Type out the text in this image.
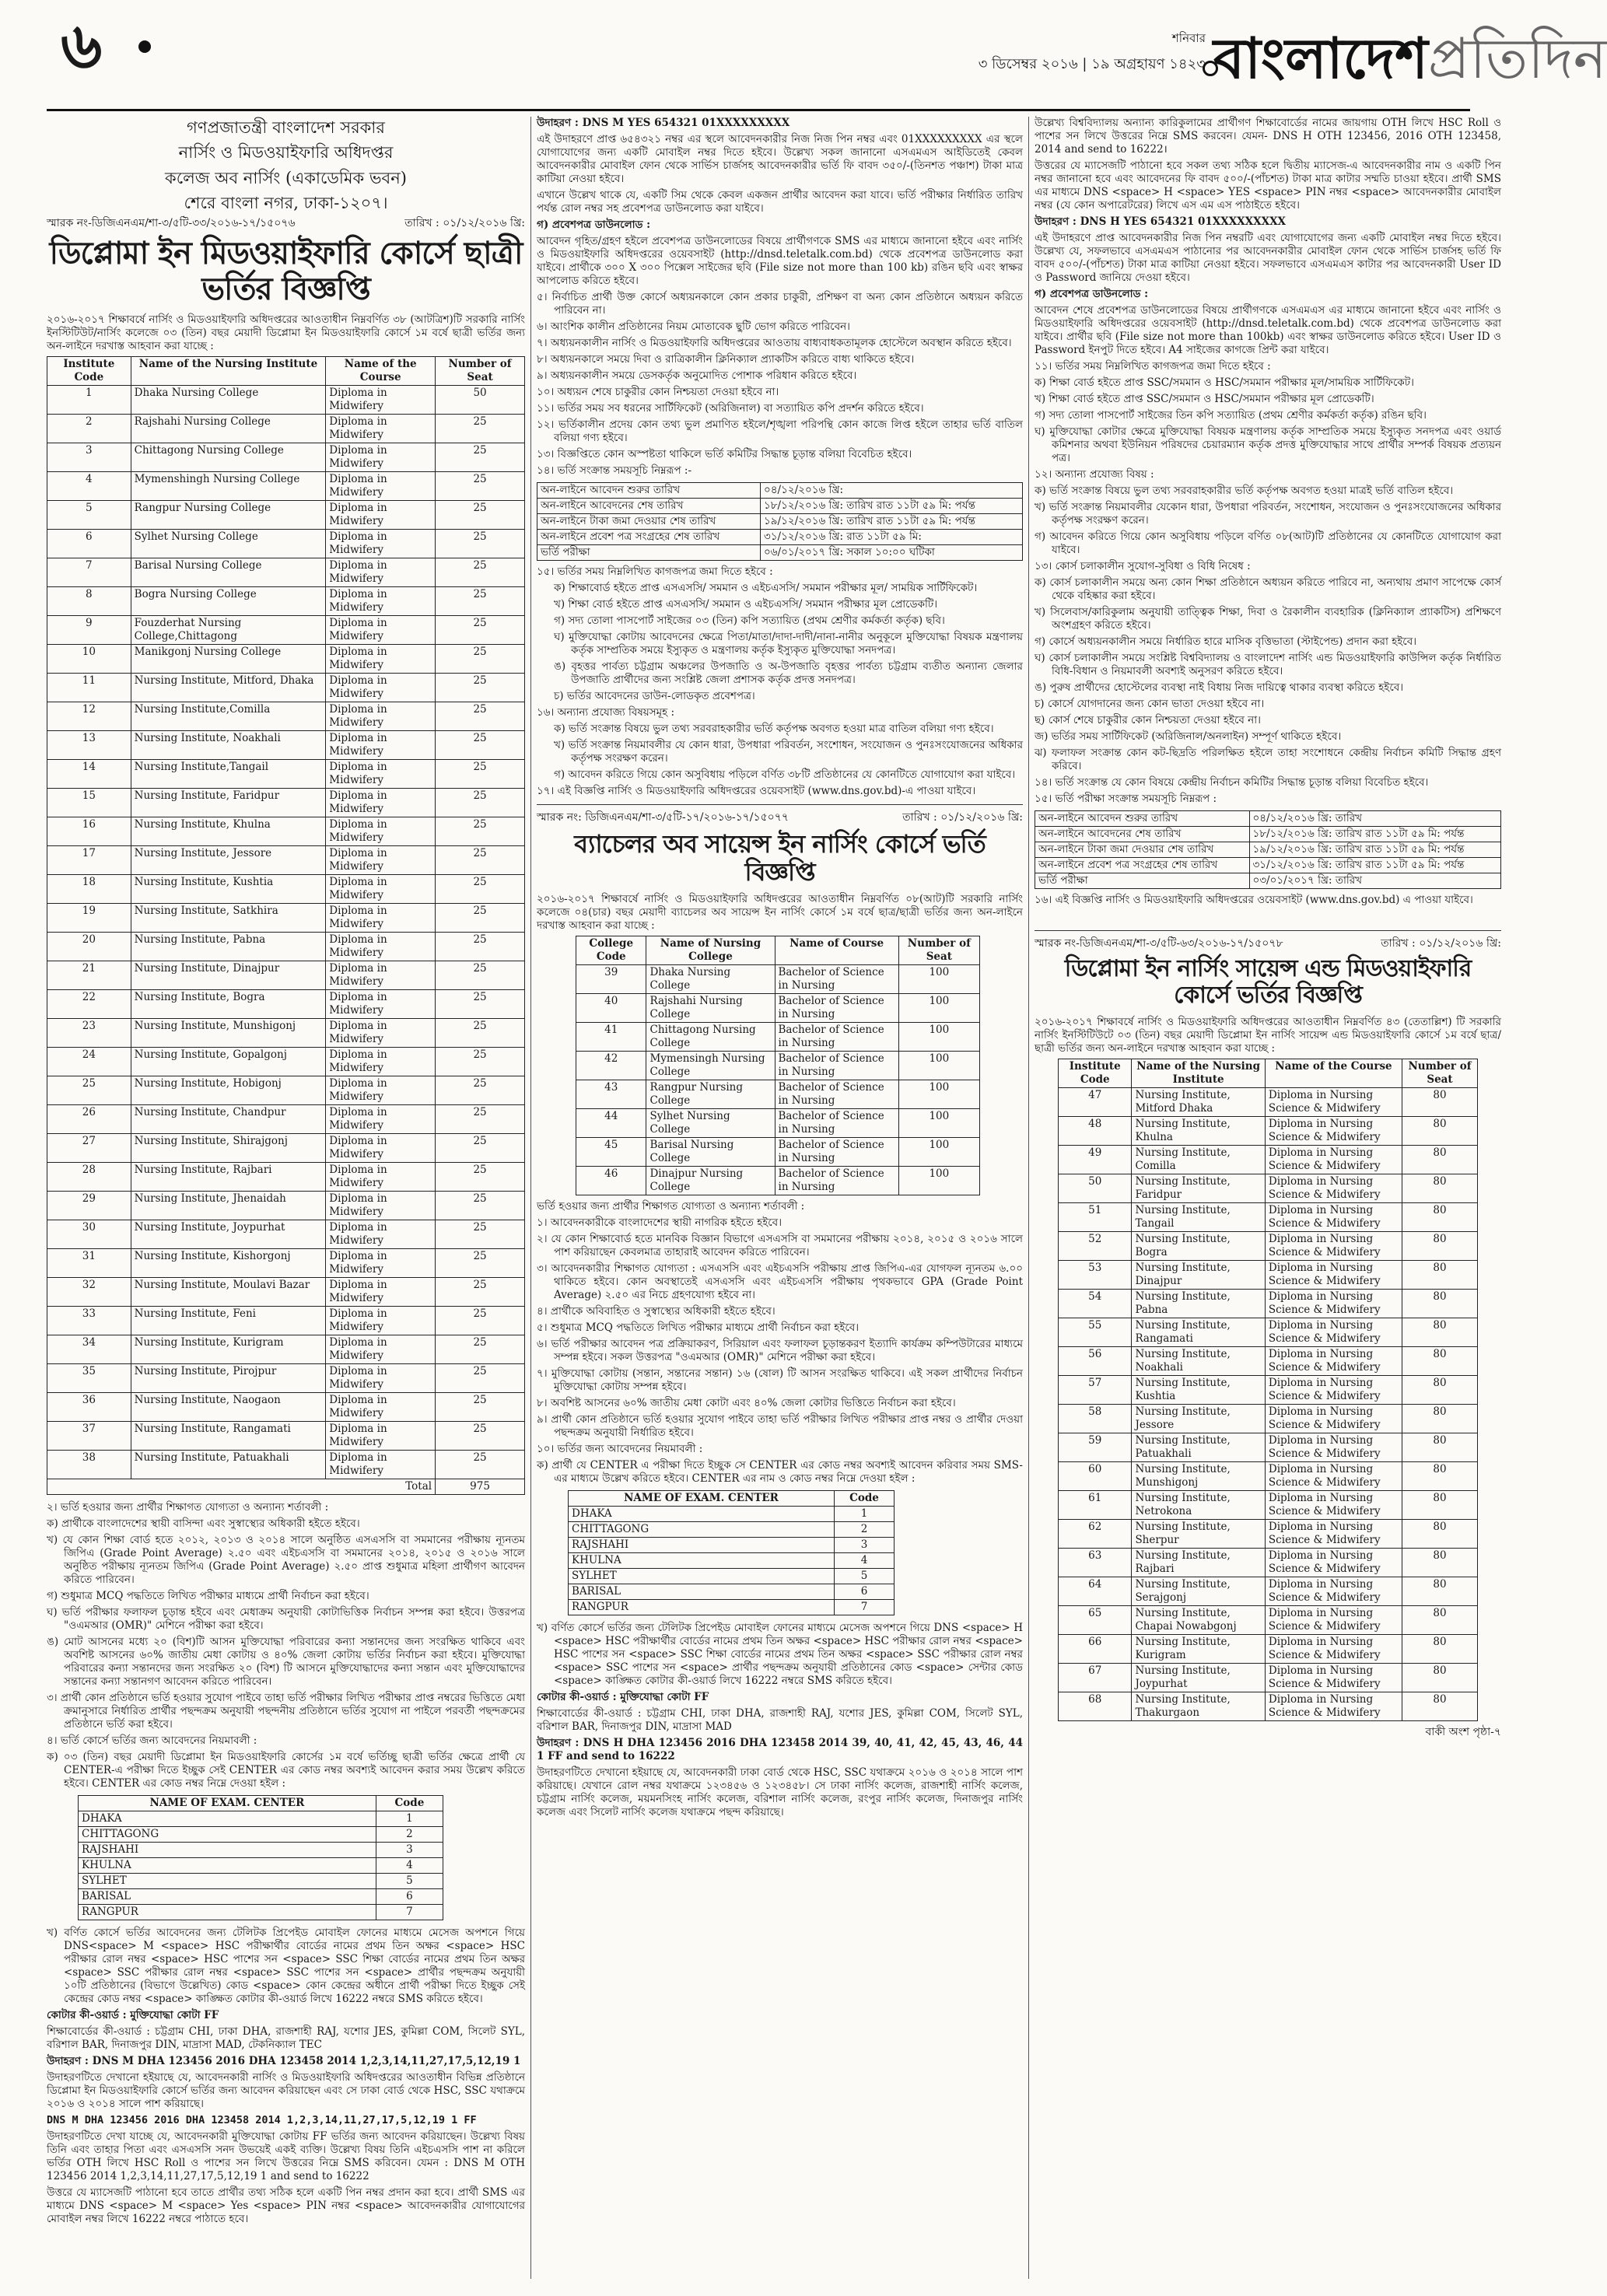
৬	শনিবার
৩ ডিসেম্বর ২০১৬ | ১৯ অগ্রহায়ণ ১৪২৩ বাংলাদেশ প্রতিদিন

গণপ্রজাতন্ত্রী বাংলাদেশ সরকার

নার্সিং ও মিডওয়াইফারি অধিদপ্তর

কলেজ অব নার্সিং (একাডেমিক ভবন)

শেরে বাংলা নগর, ঢাকা-১২০৭।

স্মারক নং-ডিজিএনএম/শা-৩/৫টি-৩৩/২০১৬-১৭/১৫০৭৬	তারিখ : ০১/১২/২০১৬ খ্রি:
ডিপ্লোমা ইন মিডওয়াইফারি কোর্সে ছাত্রী ভর্তির বিজ্ঞপ্তি

২০১৬-২০১৭ শিক্ষাবর্ষে নার্সিং ও মিডওয়াইফারি অধিদপ্তরের আওতাধীন নিম্নবর্ণিত ৩৮ (আটত্রিশ)টি সরকারি নার্সিং ইনস্টিটিউট/নার্সিং কলেজে ০৩ (তিন) বছর মেয়াদী ডিপ্লোমা ইন মিডওয়াইফারি কোর্সে ১ম বর্ষে ছাত্রী ভর্তির জন্য অন-লাইনে দরখাস্ত আহবান করা যাচ্ছে :

Institute Code	Name of the Nursing Institute	Name of the Course	Number of Seat
1	Dhaka Nursing College	Diploma in Midwifery	50
2	Rajshahi Nursing College	Diploma in Midwifery	25
3	Chittagong Nursing College	Diploma in Midwifery	25
4	Mymenshingh Nursing College	Diploma in Midwifery	25
5	Rangpur Nursing College	Diploma in Midwifery	25
6	Sylhet Nursing College	Diploma in Midwifery	25
7	Barisal Nursing College	Diploma in Midwifery	25
8	Bogra Nursing College	Diploma in Midwifery	25
9	Fouzderhat Nursing College,Chittagong	Diploma in Midwifery	25
10	Manikgonj Nursing College	Diploma in Midwifery	25
11	Nursing Institute, Mitford, Dhaka	Diploma in Midwifery	25
12	Nursing Institute,Comilla	Diploma in Midwifery	25
13	Nursing Institute, Noakhali	Diploma in Midwifery	25
14	Nursing Institute,Tangail	Diploma in Midwifery	25
15	Nursing Institute, Faridpur	Diploma in Midwifery	25
16	Nursing Institute, Khulna	Diploma in Midwifery	25
17	Nursing Institute, Jessore	Diploma in Midwifery	25
18	Nursing Institute, Kushtia	Diploma in Midwifery	25
19	Nursing Institute, Satkhira	Diploma in Midwifery	25
20	Nursing Institute, Pabna	Diploma in Midwifery	25
21	Nursing Institute, Dinajpur	Diploma in Midwifery	25
22	Nursing Institute, Bogra	Diploma in Midwifery	25
23	Nursing Institute, Munshigonj	Diploma in Midwifery	25
24	Nursing Institute, Gopalgonj	Diploma in Midwifery	25
25	Nursing Institute, Hobigonj	Diploma in Midwifery	25
26	Nursing Institute, Chandpur	Diploma in Midwifery	25
27	Nursing Institute, Shirajgonj	Diploma in Midwifery	25
28	Nursing Institute, Rajbari	Diploma in Midwifery	25
29	Nursing Institute, Jhenaidah	Diploma in Midwifery	25
30	Nursing Institute, Joypurhat	Diploma in Midwifery	25
31	Nursing Institute, Kishorgonj	Diploma in Midwifery	25
32	Nursing Institute, Moulavi Bazar	Diploma in Midwifery	25
33	Nursing Institute, Feni	Diploma in Midwifery	25
34	Nursing Institute, Kurigram	Diploma in Midwifery	25
35	Nursing Institute, Pirojpur	Diploma in Midwifery	25
36	Nursing Institute, Naogaon	Diploma in Midwifery	25
37	Nursing Institute, Rangamati	Diploma in Midwifery	25
38	Nursing Institute, Patuakhali	Diploma in Midwifery	25
Total			975

২। ভর্তি হওয়ার জন্য প্রার্থীর শিক্ষাগত যোগ্যতা ও অন্যান্য শর্তাবলী :

ক) প্রার্থীকে বাংলাদেশের স্থায়ী বাসিন্দা এবং সুস্বাস্থ্যের অধিকারী হইতে হইবে।

খ) যে কোন শিক্ষা বোর্ড হতে ২০১২, ২০১৩ ও ২০১৪ সালে অনুষ্ঠিত এসএসসি বা সমমানের পরীক্ষায় ন্যূনতম জিপিএ (Grade Point Average) ২.৫০ এবং এইচএসসি বা সমমানের ২০১৪, ২০১৫ ও ২০১৬ সালে অনুষ্ঠিত পরীক্ষায় ন্যূনতম জিপিএ (Grade Point Average) ২.৫০ প্রাপ্ত শুধুমাত্র মহিলা প্রার্থীগণ আবেদন করিতে পারিবেন।

গ) শুধুমাত্র MCQ পদ্ধতিতে লিখিত পরীক্ষার মাধ্যমে প্রার্থী নির্বাচন করা হইবে।

ঘ) ভর্তি পরীক্ষার ফলাফল চূড়ান্ত হইবে এবং মেধাক্রম অনুযায়ী কোটাভিত্তিক নির্বাচন সম্পন্ন করা হইবে। উত্তরপত্র "ওএমআর (OMR)" মেশিনে পরীক্ষা করা হইবে।

ঙ) মোট আসনের মধ্যে ২০ (বিশ)টি আসন মুক্তিযোদ্ধা পরিবারের কন্যা সন্তানদের জন্য সংরক্ষিত থাকিবে এবং অবশিষ্ট আসনের ৬০% জাতীয় মেধা কোটায় ও ৪০% জেলা কোটায় ভর্তির নির্বাচন করা হইবে। মুক্তিযোদ্ধা পরিবারের কন্যা সন্তানদের জন্য সংরক্ষিত ২০ (বিশ) টি আসনে মুক্তিযোদ্ধাদের কন্যা সন্তান এবং মুক্তিযোদ্ধাদের সন্তানের কন্যা সন্তানগণ আবেদন করিতে পারিবেন।

৩। প্রার্থী কোন প্রতিষ্ঠানে ভর্তি হওয়ার সুযোগ পাইবে তাহা ভর্তি পরীক্ষার লিখিত পরীক্ষার প্রাপ্ত নম্বরের ভিত্তিতে মেধা ক্রমানুসারে নির্ধারিত প্রার্থীর পছন্দক্রম অনুযায়ী পছন্দনীয় প্রতিষ্ঠানে ভর্তির সুযোগ না পাইলে পরবর্তী পছন্দক্রমের প্রতিষ্ঠানে ভর্তি করা হইবে।

৪। ভর্তি কোর্সে ভর্তির জন্য আবেদনের নিয়মাবলী :

ক) ০৩ (তিন) বছর মেয়াদী ডিপ্লোমা ইন মিডওয়াইফারি কোর্সের ১ম বর্ষে ভর্তিচ্ছু ছাত্রী ভর্তির ক্ষেত্রে প্রার্থী যে CENTER-এ পরীক্ষা দিতে ইচ্ছুক সেই CENTER এর কোড নম্বর অবশ্যই আবেদন করার সময় উল্লেখ করিতে হইবে। CENTER এর কোড নম্বর নিম্নে দেওয়া হইল :

NAME OF EXAM. CENTER	Code
DHAKA	1
CHITTAGONG	2
RAJSHAHI	3
KHULNA	4
SYLHET	5
BARISAL	6
RANGPUR	7

খ) বর্ণিত কোর্সে ভর্তির আবেদনের জন্য টেলিটক প্রিপেইড মোবাইল ফোনের মাধ্যমে মেসেজ অপশনে গিয়ে DNS<space> M <space> HSC পরীক্ষার্থীর বোর্ডের নামের প্রথম তিন অক্ষর <space> HSC পরীক্ষার রোল নম্বর <space> HSC পাশের সন <space> SSC শিক্ষা বোর্ডের নামের প্রথম তিন অক্ষর <space> SSC পরীক্ষার রোল নম্বর <space> SSC পাশের সন <space> প্রার্থীর পছন্দক্রম অনুযায়ী ১০টি প্রতিষ্ঠানের (বিভাগে উল্লেখিত) কোড <space> কোন কেন্দ্রের অধীনে প্রার্থী পরীক্ষা দিতে ইচ্ছুক সেই কেন্দ্রের কোড নম্বর <space> কাঙ্ক্ষিত কোটার কী-ওয়ার্ড লিখে 16222 নম্বরে SMS করিতে হইবে।

কোটার কী-ওয়ার্ড : মুক্তিযোদ্ধা কোটা FF

শিক্ষাবোর্ডের কী-ওয়ার্ড : চট্টগ্রাম CHI, ঢাকা DHA, রাজশাহী RAJ, যশোর JES, কুমিল্লা COM, সিলেট SYL, বরিশাল BAR, দিনাজপুর DIN, মাদ্রাসা MAD, টেকনিক্যাল TEC

উদাহরণ : DNS M DHA 123456 2016 DHA 123458 2014 1,2,3,14,11,27,17,5,12,19 1

উদাহরণটিতে দেখানো হইয়াছে যে, আবেদনকারী নার্সিং ও মিডওয়াইফারি অধিদপ্তরের আওতাধীন বিভিন্ন প্রতিষ্ঠানে ডিপ্লোমা ইন মিডওয়াইফারি কোর্সে ভর্তির জন্য আবেদন করিয়াছেন এবং সে ঢাকা বোর্ড থেকে HSC, SSC যথাক্রমে ২০১৬ ও ২০১৪ সালে পাশ করিয়াছে।

DNS M DHA 123456 2016 DHA 123458 2014 1,2,3,14,11,27,17,5,12,19 1 FF

উদাহরণটিতে দেখা যাচ্ছে যে, আবেদনকারী মুক্তিযোদ্ধা কোটায় FF ভর্তির জন্য আবেদন করিয়াছেন। উল্লেখ্য বিষয় তিনি এবং তাহার পিতা এবং এসএসসি সনদ উভয়েই একই ব্যক্তি। উল্লেখ্য বিষয় তিনি এইচএসসি পাশ না করিলে ভর্তির OTH লিখে HSC Roll ও পাশের সন লিখে উত্তরের নিম্নে SMS করিবেন। যেমন : DNS M OTH 123456 2014 1,2,3,14,11,27,17,5,12,19 1 and send to 16222

উত্তরে যে ম্যাসেজটি পাঠানো হবে তাতে প্রার্থীর তথ্য সঠিক হলে একটি পিন নম্বর প্রদান করা হবে। প্রার্থী SMS এর মাধ্যমে DNS <space> M <space> Yes <space> PIN নম্বর <space> আবেদনকারীর যোগাযোগের মোবাইল নম্বর লিখে 16222 নম্বরে পাঠাতে হবে।

উদাহরণ : DNS M YES 654321 01XXXXXXXXX

এই উদাহরণে প্রাপ্ত ৬৫৪৩২১ নম্বর এর স্থলে আবেদনকারীর নিজ নিজ পিন নম্বর এবং 01XXXXXXXXX এর স্থলে যোগাযোগের জন্য একটি মোবাইল নম্বর দিতে হইবে। উল্লেখ্য সকল জানানো এসএমএস আইডিতেই কেবল আবেদনকারীর মোবাইল ফোন থেকে সার্ভিস চার্জসহ আবেদনকারীর ভর্তি ফি বাবদ ৩৫০/-(তিনশত পঞ্চাশ) টাকা মাত্র কাটিয়া নেওয়া হইবে।

এখানে উল্লেখ থাকে যে, একটি সিম থেকে কেবল একজন প্রার্থীর আবেদন করা যাবে। ভর্তি পরীক্ষার নির্ধারিত তারিখ পর্যন্ত রোল নম্বর সহ প্রবেশপত্র ডাউনলোড করা যাইবে।

গ) প্রবেশপত্র ডাউনলোড :

আবেদন গৃহিত/গ্রহণ হইলে প্রবেশপত্র ডাউনলোডের বিষয়ে প্রার্থীগণকে SMS এর মাধ্যমে জানানো হইবে এবং নার্সিং ও মিডওয়াইফারি অধিদপ্তরের ওয়েবসাইট (http://dnsd.teletalk.com.bd) থেকে প্রবেশপত্র ডাউনলোড করা যাইবে। প্রার্থীকে ৩০০ X ৩০০ পিক্সেল সাইজের ছবি (File size not more than 100 kb) রঙিন ছবি এবং স্বাক্ষর আপলোড করিতে হইবে।

৫। নির্বাচিত প্রার্থী উক্ত কোর্সে অধ্যয়নকালে কোন প্রকার চাকুরী, প্রশিক্ষণ বা অন্য কোন প্রতিষ্ঠানে অধ্যয়ন করিতে পারিবেন না।

৬। আংশিক কালীন প্রতিষ্ঠানের নিয়ম মোতাবেক ছুটি ভোগ করিতে পারিবেন।

৭। অধ্যয়নকালীন নার্সিং ও মিডওয়াইফারি অধিদপ্তরের আওতায় বাধ্যবাধকতামূলক হোস্টেলে অবস্থান করিতে হইবে।

৮। অধ্যয়নকালে সময়ে দিবা ও রাত্রিকালীন ক্লিনিক্যাল প্র্যাকটিস করিতে বাধ্য থাকিতে হইবে।

৯। অধ্যয়নকালীন সময়ে ডেসকর্তৃক অনুমোদিত পোশাক পরিধান করিতে হইবে।

১০। অধ্যয়ন শেষে চাকুরীর কোন নিশ্চয়তা দেওয়া হইবে না।

১১। ভর্তির সময় সব ধরনের সার্টিফিকেট (অরিজিনাল) বা সত্যায়িত কপি প্রদর্শন করিতে হইবে।

১২। ভর্তিকালীন প্রদেয় কোন তথ্য ভুল প্রমাণিত হইলে/শৃঙ্খলা পরিপন্থি কোন কাজে লিপ্ত হইলে তাহার ভর্তি বাতিল বলিয়া গণ্য হইবে।

১৩। বিজ্ঞপ্তিতে কোন অস্পষ্টতা থাকিলে ভর্তি কমিটির সিদ্ধান্ত চূড়ান্ত বলিয়া বিবেচিত হইবে।

১৪। ভর্তি সংক্রান্ত সময়সূচি নিম্নরূপ :-

অন-লাইনে আবেদন শুরুর তারিখ	০৪/১২/২০১৬ খ্রি:
অন-লাইনে আবেদনের শেষ তারিখ	১৮/১২/২০১৬ খ্রি: তারিখ রাত ১১টা ৫৯ মি: পর্যন্ত
অন-লাইনে টাকা জমা দেওয়ার শেষ তারিখ	১৯/১২/২০১৬ খ্রি: তারিখ রাত ১১টা ৫৯ মি: পর্যন্ত
অন-লাইনে প্রবেশ পত্র সংগ্রহের শেষ তারিখ	৩১/১২/২০১৬ খ্রি: রাত ১১টা ৫৯ মি:
ভর্তি পরীক্ষা	০৬/০১/২০১৭ খ্রি: সকাল ১০:০০ ঘটিকা

১৫। ভর্তির সময় নিম্নলিখিত কাগজপত্র জমা দিতে হইবে :

ক) শিক্ষাবোর্ড হইতে প্রাপ্ত এসএসসি/ সমমান ও এইচএসসি/ সমমান পরীক্ষার মূল/ সাময়িক সার্টিফিকেট।

খ) শিক্ষা বোর্ড হইতে প্রাপ্ত এসএসসি/ সমমান ও এইচএসসি/ সমমান পরীক্ষার মূল প্রোডেকটি।

গ) সদ্য তোলা পাসপোর্ট সাইজের ০৩ (তিন) কপি সত্যায়িত (প্রথম শ্রেণীর কর্মকর্তা কর্তৃক) ছবি।

ঘ) মুক্তিযোদ্ধা কোটায় আবেদনের ক্ষেত্রে পিতা/মাতা/দাদা-দাদী/নানা-নানীর অনুকূলে মুক্তিযোদ্ধা বিষয়ক মন্ত্রণালয় কর্তৃক সাম্প্রতিক সময়ে ইস্যুকৃত ও মন্ত্রণালয় কর্তৃক ইস্যুকৃত মুক্তিযোদ্ধা সনদপত্র।

ঙ) বৃহত্তর পার্বত্য চট্টগ্রাম অঞ্চলের উপজাতি ও অ-উপজাতি বৃহত্তর পার্বত্য চট্টগ্রাম ব্যতীত অন্যান্য জেলার উপজাতি প্রার্থীদের জন্য সংশ্লিষ্ট জেলা প্রশাসক কর্তৃক প্রদত্ত সনদপত্র।

চ) ভর্তির আবেদনের ডাউন-লোডকৃত প্রবেশপত্র।

১৬। অন্যান্য প্রযোজ্য বিষয়সমূহ :

ক) ভর্তি সংক্রান্ত বিষয়ে ভুল তথ্য সরবরাহকারীর ভর্তি কর্তৃপক্ষ অবগত হওয়া মাত্র বাতিল বলিয়া গণ্য হইবে।

খ) ভর্তি সংক্রান্ত নিয়মাবলীর যে কোন ধারা, উপধারা পরিবর্তন, সংশোধন, সংযোজন ও পুনঃসংযোজনের অধিকার কর্তৃপক্ষ সংরক্ষণ করেন।

গ) আবেদন করিতে গিয়ে কোন অসুবিধায় পড়িলে বর্ণিত ৩৮টি প্রতিষ্ঠানের যে কোনটিতে যোগাযোগ করা যাইবে।

১৭। এই বিজ্ঞপ্তি নার্সিং ও মিডওয়াইফারি অধিদপ্তরের ওয়েবসাইট (www.dns.gov.bd)-এ পাওয়া যাইবে।

স্মারক নং: ডিজিএনএম/শা-৩/৫টি-১৭/২০১৬-১৭/১৫০৭৭	তারিখ : ০১/১২/২০১৬ খ্রি:
ব্যাচেলর অব সায়েন্স ইন নার্সিং কোর্সে ভর্তি বিজ্ঞপ্তি

২০১৬-২০১৭ শিক্ষাবর্ষে নার্সিং ও মিডওয়াইফারি অধিদপ্তরের আওতাধীন নিম্নবর্ণিত ০৮(আট)টি সরকারি নার্সিং কলেজে ০৪(চার) বছর মেয়াদী ব্যাচেলর অব সায়েন্স ইন নার্সিং কোর্সে ১ম বর্ষে ছাত্র/ছাত্রী ভর্তির জন্য অন-লাইনে দরখাস্ত আহবান করা যাচ্ছে :

College Code	Name of Nursing College	Name of Course	Number of Seat
39	Dhaka Nursing College	Bachelor of Science in Nursing	100
40	Rajshahi Nursing College	Bachelor of Science in Nursing	100
41	Chittagong Nursing College	Bachelor of Science in Nursing	100
42	Mymensingh Nursing College	Bachelor of Science in Nursing	100
43	Rangpur Nursing College	Bachelor of Science in Nursing	100
44	Sylhet Nursing College	Bachelor of Science in Nursing	100
45	Barisal Nursing College	Bachelor of Science in Nursing	100
46	Dinajpur Nursing College	Bachelor of Science in Nursing	100

ভর্তি হওয়ার জন্য প্রার্থীর শিক্ষাগত যোগ্যতা ও অন্যান্য শর্তাবলী :

১। আবেদনকারীকে বাংলাদেশের স্থায়ী নাগরিক হইতে হইবে।

২। যে কোন শিক্ষাবোর্ড হতে মানবিক বিজ্ঞান বিভাগে এসএসসি বা সমমানের পরীক্ষায় ২০১৪, ২০১৫ ও ২০১৬ সালে পাশ করিয়াছেন কেবলমাত্র তাহারাই আবেদন করিতে পারিবেন।

৩। আবেদনকারীর শিক্ষাগত যোগ্যতা : এসএসসি এবং এইচএসসি পরীক্ষায় প্রাপ্ত জিপিএ-এর যোগফল ন্যূনতম ৬.০০ থাকিতে হইবে। কোন অবস্থাতেই এসএসসি এবং এইচএসসি পরীক্ষায় পৃথকভাবে GPA (Grade Point Average) ২.৫০ এর নিচে গ্রহণযোগ্য হইবে না।

৪। প্রার্থীকে অবিবাহিত ও সুস্বাস্থ্যের অধিকারী হইতে হইবে।

৫। শুধুমাত্র MCQ পদ্ধতিতে লিখিত পরীক্ষার মাধ্যমে প্রার্থী নির্বাচন করা হইবে।

৬। ভর্তি পরীক্ষার আবেদন পত্র প্রক্রিয়াকরণ, সিরিয়াল এবং ফলাফল চূড়ান্তকরণ ইত্যাদি কার্যক্রম কম্পিউটারের মাধ্যমে সম্পন্ন হইবে। সকল উত্তরপত্র "ওএমআর (OMR)" মেশিনে পরীক্ষা করা হইবে।

৭। মুক্তিযোদ্ধা কোটায় (সন্তান, সন্তানের সন্তান) ১৬ (ষোল) টি আসন সংরক্ষিত থাকিবে। এই সকল প্রার্থীদের নির্বাচন মুক্তিযোদ্ধা কোটায় সম্পন্ন হইবে।

৮। অবশিষ্ট আসনের ৬০% জাতীয় মেধা কোটা এবং ৪০% জেলা কোটার ভিত্তিতে নির্বাচন করা হইবে।

৯। প্রার্থী কোন প্রতিষ্ঠানে ভর্তি হওয়ার সুযোগ পাইবে তাহা ভর্তি পরীক্ষার লিখিত পরীক্ষার প্রাপ্ত নম্বর ও প্রার্থীর দেওয়া পছন্দক্রম অনুযায়ী নির্ধারিত হইবে।

১০। ভর্তির জন্য আবেদনের নিয়মাবলী :

ক) প্রার্থী যে CENTER এ পরীক্ষা দিতে ইচ্ছুক সে CENTER এর কোড নম্বর অবশ্যই আবেদন করিবার সময় SMS-এর মাধ্যমে উল্লেখ করিতে হইবে। CENTER এর নাম ও কোড নম্বর নিম্নে দেওয়া হইল :

NAME OF EXAM. CENTER	Code
DHAKA	1
CHITTAGONG	2
RAJSHAHI	3
KHULNA	4
SYLHET	5
BARISAL	6
RANGPUR	7

খ) বর্ণিত কোর্সে ভর্তির জন্য টেলিটক প্রিপেইড মোবাইল ফোনের মাধ্যমে মেসেজ অপশনে গিয়ে DNS <space> H <space> HSC পরীক্ষার্থীর বোর্ডের নামের প্রথম তিন অক্ষর <space> HSC পরীক্ষার রোল নম্বর <space> HSC পাশের সন <space> SSC শিক্ষা বোর্ডের নামের প্রথম তিন অক্ষর <space> SSC পরীক্ষার রোল নম্বর <space> SSC পাশের সন <space> প্রার্থীর পছন্দক্রম অনুযায়ী প্রতিষ্ঠানের কোড <space> সেন্টার কোড <space> কাঙ্ক্ষিত কোটার কী-ওয়ার্ড লিখে 16222 নম্বরে SMS করিতে হইবে।

কোটার কী-ওয়ার্ড : মুক্তিযোদ্ধা কোটা FF

শিক্ষাবোর্ডের কী-ওয়ার্ড : চট্টগ্রাম CHI, ঢাকা DHA, রাজশাহী RAJ, যশোর JES, কুমিল্লা COM, সিলেট SYL, বরিশাল BAR, দিনাজপুর DIN, মাদ্রাসা MAD

উদাহরণ : DNS H DHA 123456 2016 DHA 123458 2014 39, 40, 41, 42, 45, 43, 46, 44 1 FF and send to 16222

উদাহরণটিতে দেখানো হইয়াছে যে, আবেদনকারী ঢাকা বোর্ড থেকে HSC, SSC যথাক্রমে ২০১৬ ও ২০১৪ সালে পাশ করিয়াছে। যেখানে রোল নম্বর যথাক্রমে ১২৩৪৫৬ ও ১২৩৪৫৮। সে ঢাকা নার্সিং কলেজ, রাজশাহী নার্সিং কলেজ, চট্টগ্রাম নার্সিং কলেজ, ময়মনসিংহ নার্সিং কলেজ, বরিশাল নার্সিং কলেজ, রংপুর নার্সিং কলেজ, দিনাজপুর নার্সিং কলেজ এবং সিলেট নার্সিং কলেজ যথাক্রমে পছন্দ করিয়াছে।

উল্লেখ্য বিশ্ববিদ্যালয় অন্যান্য কারিকুলামের প্রার্থীগণ শিক্ষাবোর্ডের নামের জায়গায় OTH লিখে HSC Roll ও পাশের সন লিখে উত্তরের নিম্নে SMS করবেন। যেমন- DNS H OTH 123456, 2016 OTH 123458, 2014 and send to 16222।

উত্তরের যে ম্যাসেজটি পাঠানো হবে সকল তথ্য সঠিক হলে দ্বিতীয় ম্যাসেজ-এ আবেদনকারীর নাম ও একটি পিন নম্বর জানানো হবে এবং আবেদনের ফি বাবদ ৫০০/-(পাঁচশত) টাকা মাত্র কাটার সম্মতি চাওয়া হইবে। প্রার্থী SMS এর মাধ্যমে DNS <space> H <space> YES <space> PIN নম্বর <space> আবেদনকারীর মোবাইল নম্বর (যে কোন অপারেটরের) লিখে এস এম এস পাঠাইতে হইবে।

উদাহরণ : DNS H YES 654321 01XXXXXXXXX

এই উদাহরণে প্রাপ্ত আবেদনকারীর নিজ পিন নম্বরটি এবং যোগাযোগের জন্য একটি মোবাইল নম্বর দিতে হইবে। উল্লেখ্য যে, সফলভাবে এসএমএস পাঠানোর পর আবেদনকারীর মোবাইল ফোন থেকে সার্ভিস চার্জসহ ভর্তি ফি বাবদ ৫০০/-(পাঁচশত) টাকা মাত্র কাটিয়া নেওয়া হইবে। সফলভাবে এসএমএস কাটার পর আবেদনকারী User ID ও Password জানিয়ে দেওয়া হইবে।

গ) প্রবেশপত্র ডাউনলোড :

আবেদন শেষে প্রবেশপত্র ডাউনলোডের বিষয়ে প্রার্থীগণকে এসএমএস এর মাধ্যমে জানানো হইবে এবং নার্সিং ও মিডওয়াইফারি অধিদপ্তরের ওয়েবসাইট (http://dnsd.teletalk.com.bd) থেকে প্রবেশপত্র ডাউনলোড করা যাইবে। প্রার্থীর ছবি (File size not more than 100kb) এবং স্বাক্ষর ডাউনলোড করিতে হইবে। User ID ও Password ইনপুট দিতে হইবে। A4 সাইজের কাগজে প্রিন্ট করা যাইবে।

১১। ভর্তির সময় নিম্নলিখিত কাগজপত্র জমা দিতে হইবে :

ক) শিক্ষা বোর্ড হইতে প্রাপ্ত SSC/সমমান ও HSC/সমমান পরীক্ষার মূল/সাময়িক সার্টিফিকেট।

খ) শিক্ষা বোর্ড হইতে প্রাপ্ত SSC/সমমান ও HSC/সমমান পরীক্ষার মূল প্রোডেকটি।

গ) সদ্য তোলা পাসপোর্ট সাইজের তিন কপি সত্যায়িত (প্রথম শ্রেণীর কর্মকর্তা কর্তৃক) রঙিন ছবি।

ঘ) মুক্তিযোদ্ধা কোটার ক্ষেত্রে মুক্তিযোদ্ধা বিষয়ক মন্ত্রণালয় কর্তৃক সাম্প্রতিক সময়ে ইস্যুকৃত সনদপত্র এবং ওয়ার্ড কমিশনার অথবা ইউনিয়ন পরিষদের চেয়ারম্যান কর্তৃক প্রদত্ত মুক্তিযোদ্ধার সাথে প্রার্থীর সম্পর্ক বিষয়ক প্রত্যয়ন পত্র।

১২। অন্যান্য প্রযোজ্য বিষয় :

ক) ভর্তি সংক্রান্ত বিষয়ে ভুল তথ্য সরবরাহকারীর ভর্তি কর্তৃপক্ষ অবগত হওয়া মাত্রই ভর্তি বাতিল হইবে।

খ) ভর্তি সংক্রান্ত নিয়মাবলীর যেকোন ধারা, উপধারা পরিবর্তন, সংশোধন, সংযোজন ও পুনঃসংযোজনের অধিকার কর্তৃপক্ষ সংরক্ষণ করেন।

গ) আবেদন করিতে গিয়ে কোন অসুবিধায় পড়িলে বর্ণিত ০৮(আট)টি প্রতিষ্ঠানের যে কোনটিতে যোগাযোগ করা যাইবে।

১৩। কোর্স চলাকালীন সুযোগ-সুবিধা ও বিধি নিষেধ :

ক) কোর্স চলাকালীন সময়ে অন্য কোন শিক্ষা প্রতিষ্ঠানে অধ্যয়ন করিতে পারিবে না, অন্যথায় প্রমাণ সাপেক্ষে কোর্স থেকে বহিষ্কার করা হইবে।

খ) সিলেবাস/কারিকুলাম অনুযায়ী তাত্ত্বিক শিক্ষা, দিবা ও রৈকালীন ব্যবহারিক (ক্লিনিক্যাল প্র্যাকটিস) প্রশিক্ষণে অংশগ্রহণ করিতে হইবে।

গ) কোর্সে অধ্যয়নকালীন সময়ে নির্ধারিত হারে মাসিক বৃত্তিভাতা (স্টাইপেন্ড) প্রদান করা হইবে।

ঘ) কোর্স চলাকালীন সময়ে সংশ্লিষ্ট বিশ্ববিদ্যালয় ও বাংলাদেশ নার্সিং এন্ড মিডওয়াইফারি কাউন্সিল কর্তৃক নির্ধারিত বিধি-বিধান ও নিয়মাবলী অবশ্যই অনুসরণ করিতে হইবে।

ঙ) পুরুষ প্রার্থীদের হোস্টেলের ব্যবস্থা নাই বিধায় নিজ দায়িত্বে থাকার ব্যবস্থা করিতে হইবে।

চ) কোর্সে যোগদানের জন্য কোন ভাতা দেওয়া হইবে না।

ছ) কোর্স শেষে চাকুরীর কোন নিশ্চয়তা দেওয়া হইবে না।

জ) ভর্তির সময় সার্টিফিকেট (অরিজিনাল/অনলাইন) সম্পূর্ণ থাকিতে হইবে।

ঝ) ফলাফল সংক্রান্ত কোন কট-ছিদ্রতি পরিলক্ষিত হইলে তাহা সংশোধনে কেন্দ্রীয় নির্বাচন কমিটি সিদ্ধান্ত গ্রহণ করিবে।

১৪। ভর্তি সংক্রান্ত যে কোন বিষয়ে কেন্দ্রীয় নির্বাচন কমিটির সিদ্ধান্ত চূড়ান্ত বলিয়া বিবেচিত হইবে।

১৫। ভর্তি পরীক্ষা সংক্রান্ত সময়সূচি নিম্নরূপ :

অন-লাইনে আবেদন শুরুর তারিখ	০৪/১২/২০১৬ খ্রি: তারিখ
অন-লাইনে আবেদনের শেষ তারিখ	১৮/১২/২০১৬ খ্রি: তারিখ রাত ১১টা ৫৯ মি: পর্যন্ত
অন-লাইনে টাকা জমা দেওয়ার শেষ তারিখ	১৯/১২/২০১৬ খ্রি: তারিখ রাত ১১টা ৫৯ মি: পর্যন্ত
অন-লাইনে প্রবেশ পত্র সংগ্রহের শেষ তারিখ	৩১/১২/২০১৬ খ্রি: তারিখ রাত ১১টা ৫৯ মি: পর্যন্ত
ভর্তি পরীক্ষা	০৩/০১/২০১৭ খ্রি: তারিখ

১৬। এই বিজ্ঞপ্তি নার্সিং ও মিডওয়াইফারি অধিদপ্তরের ওয়েবসাইট (www.dns.gov.bd) এ পাওয়া যাইবে।

স্মারক নং-ডিজিএনএম/শা-৩/৫টি-৬৩/২০১৬-১৭/১৫০৭৮	তারিখ : ০১/১২/২০১৬ খ্রি:
ডিপ্লোমা ইন নার্সিং সায়েন্স এন্ড মিডওয়াইফারি কোর্সে ভর্তির বিজ্ঞপ্তি

২০১৬-২০১৭ শিক্ষাবর্ষে নার্সিং ও মিডওয়াইফারি অধিদপ্তরের আওতাধীন নিম্নবর্ণিত ৪৩ (তেতাল্লিশ) টি সরকারি নার্সিং ইনস্টিটিউটে ০৩ (তিন) বছর মেয়াদী ডিপ্লোমা ইন নার্সিং সায়েন্স এন্ড মিডওয়াইফারি কোর্সে ১ম বর্ষে ছাত্র/ছাত্রী ভর্তির জন্য অন-লাইনে দরখাস্ত আহবান করা যাচ্ছে :

Institute Code	Name of the Nursing Institute	Name of the Course	Number of Seat
47	Nursing Institute, Mitford Dhaka	Diploma in Nursing Science & Midwifery	80
48	Nursing Institute, Khulna	Diploma in Nursing Science & Midwifery	80
49	Nursing Institute, Comilla	Diploma in Nursing Science & Midwifery	80
50	Nursing Institute, Faridpur	Diploma in Nursing Science & Midwifery	80
51	Nursing Institute, Tangail	Diploma in Nursing Science & Midwifery	80
52	Nursing Institute, Bogra	Diploma in Nursing Science & Midwifery	80
53	Nursing Institute, Dinajpur	Diploma in Nursing Science & Midwifery	80
54	Nursing Institute, Pabna	Diploma in Nursing Science & Midwifery	80
55	Nursing Institute, Rangamati	Diploma in Nursing Science & Midwifery	80
56	Nursing Institute, Noakhali	Diploma in Nursing Science & Midwifery	80
57	Nursing Institute, Kushtia	Diploma in Nursing Science & Midwifery	80
58	Nursing Institute, Jessore	Diploma in Nursing Science & Midwifery	80
59	Nursing Institute, Patuakhali	Diploma in Nursing Science & Midwifery	80
60	Nursing Institute, Munshigonj	Diploma in Nursing Science & Midwifery	80
61	Nursing Institute, Netrokona	Diploma in Nursing Science & Midwifery	80
62	Nursing Institute, Sherpur	Diploma in Nursing Science & Midwifery	80
63	Nursing Institute, Rajbari	Diploma in Nursing Science & Midwifery	80
64	Nursing Institute, Serajgonj	Diploma in Nursing Science & Midwifery	80
65	Nursing Institute, Chapai Nowabgonj	Diploma in Nursing Science & Midwifery	80
66	Nursing Institute, Kurigram	Diploma in Nursing Science & Midwifery	80
67	Nursing Institute, Joypurhat	Diploma in Nursing Science & Midwifery	80
68	Nursing Institute, Thakurgaon	Diploma in Nursing Science & Midwifery	80
বাকী অংশ পৃষ্ঠা-৭
